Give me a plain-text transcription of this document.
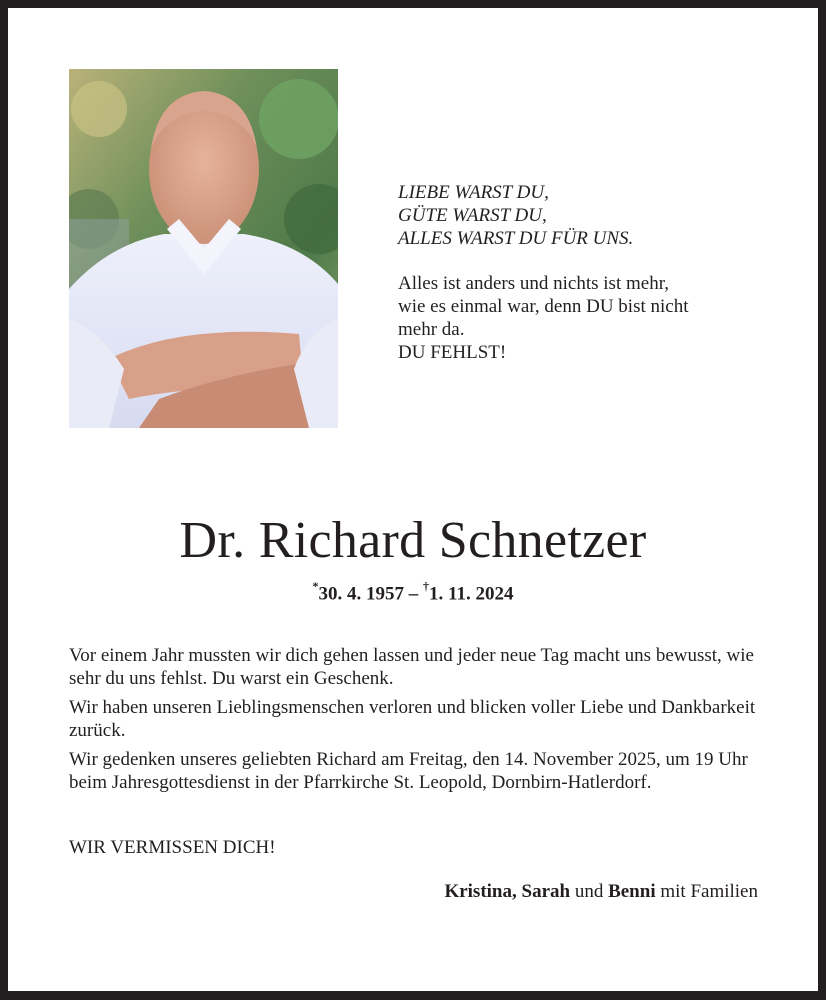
LIEBE WARST DU,
GÜTE WARST DU,
ALLES WARST DU FÜR UNS.
Alles ist anders und nichts ist mehr,
wie es einmal war, denn DU bist nicht
mehr da.
DU FEHLST!
Dr. Richard Schnetzer
*30. 4. 1957 – †1. 11. 2024

Vor einem Jahr mussten wir dich gehen lassen und jeder neue Tag macht uns bewusst, wie sehr du uns fehlst. Du warst ein Geschenk.

Wir haben unseren Lieblingsmenschen verloren und blicken voller Liebe und Dankbarkeit zurück.

Wir gedenken unseres geliebten Richard am Freitag, den 14. November 2025, um 19 Uhr beim Jahresgottesdienst in der Pfarrkirche St. Leopold, Dornbirn-Hatlerdorf.

WIR VERMISSEN DICH!
Kristina, Sarah und Benni mit Familien
